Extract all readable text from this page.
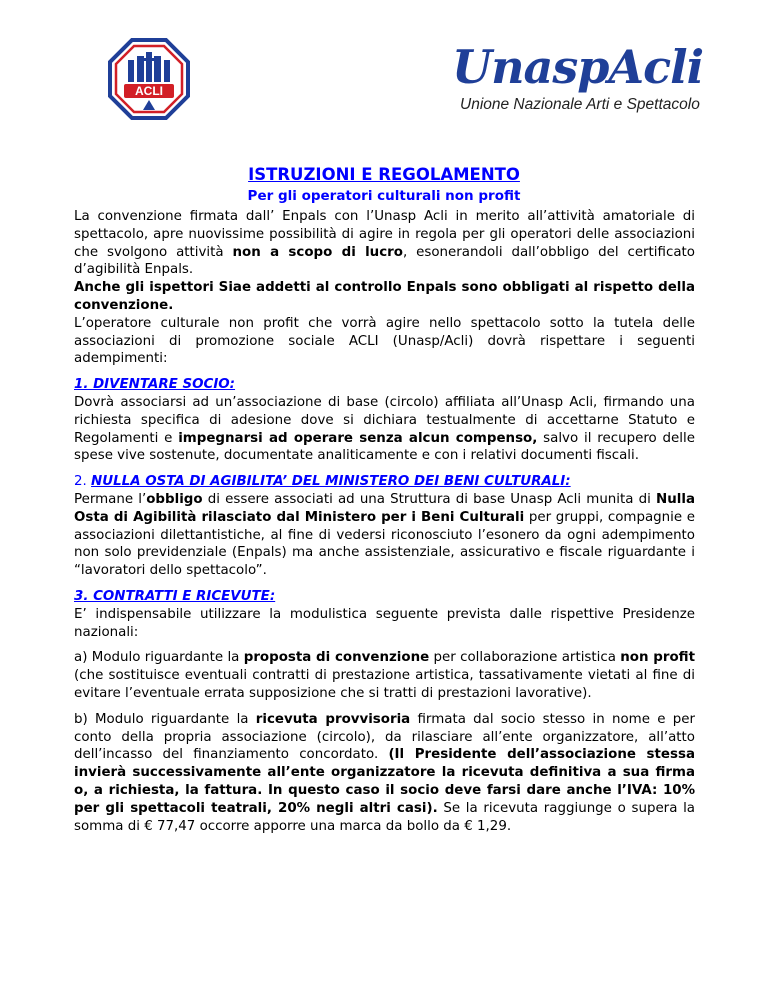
ACLI	UnaspAcli
Unione Nazionale Arti e Spettacolo
ISTRUZIONI E REGOLAMENTO
Per gli operatori culturali non profit

La convenzione firmata dall’ Enpals con l’Unasp Acli in merito all’attività amatoriale di spettacolo, apre nuovissime possibilità di agire in regola per gli operatori delle associazioni che svolgono attività non a scopo di lucro, esonerandoli dall’obbligo del certificato d’agibilità Enpals.

Anche gli ispettori Siae addetti al controllo Enpals sono obbligati al rispetto della convenzione.

L’operatore culturale non profit che vorrà agire nello spettacolo sotto la tutela delle associazioni di promozione sociale ACLI (Unasp/Acli) dovrà rispettare i seguenti adempimenti:

1. DIVENTARE SOCIO:

Dovrà associarsi ad un’associazione di base (circolo) affiliata all’Unasp Acli, firmando una richiesta specifica di adesione dove si dichiara testualmente di accettarne Statuto e Regolamenti e impegnarsi ad operare senza alcun compenso, salvo il recupero delle spese vive sostenute, documentate analiticamente e con i relativi documenti fiscali.

2. NULLA OSTA DI AGIBILITA’ DEL MINISTERO DEI BENI CULTURALI:

Permane l’obbligo di essere associati ad una Struttura di base Unasp Acli munita di Nulla Osta di Agibilità rilasciato dal Ministero per i Beni Culturali per gruppi, compagnie e associazioni dilettantistiche, al fine di vedersi riconosciuto l’esonero da ogni adempimento non solo previdenziale (Enpals) ma anche assistenziale, assicurativo e fiscale riguardante i “lavoratori dello spettacolo”.

3. CONTRATTI E RICEVUTE:

E’ indispensabile utilizzare la modulistica seguente prevista dalle rispettive Presidenze nazionali:

a) Modulo riguardante la proposta di convenzione per collaborazione artistica non profit (che sostituisce eventuali contratti di prestazione artistica, tassativamente vietati al fine di evitare l’eventuale errata supposizione che si tratti di prestazioni lavorative).

b) Modulo riguardante la ricevuta provvisoria firmata dal socio stesso in nome e per conto della propria associazione (circolo), da rilasciare all’ente organizzatore, all’atto dell’incasso del finanziamento concordato. (Il Presidente dell’associazione stessa invierà successivamente all’ente organizzatore la ricevuta definitiva a sua firma o, a richiesta, la fattura. In questo caso il socio deve farsi dare anche l’IVA: 10% per gli spettacoli teatrali, 20% negli altri casi). Se la ricevuta raggiunge o supera la somma di € 77,47 occorre apporre una marca da bollo da € 1,29.
